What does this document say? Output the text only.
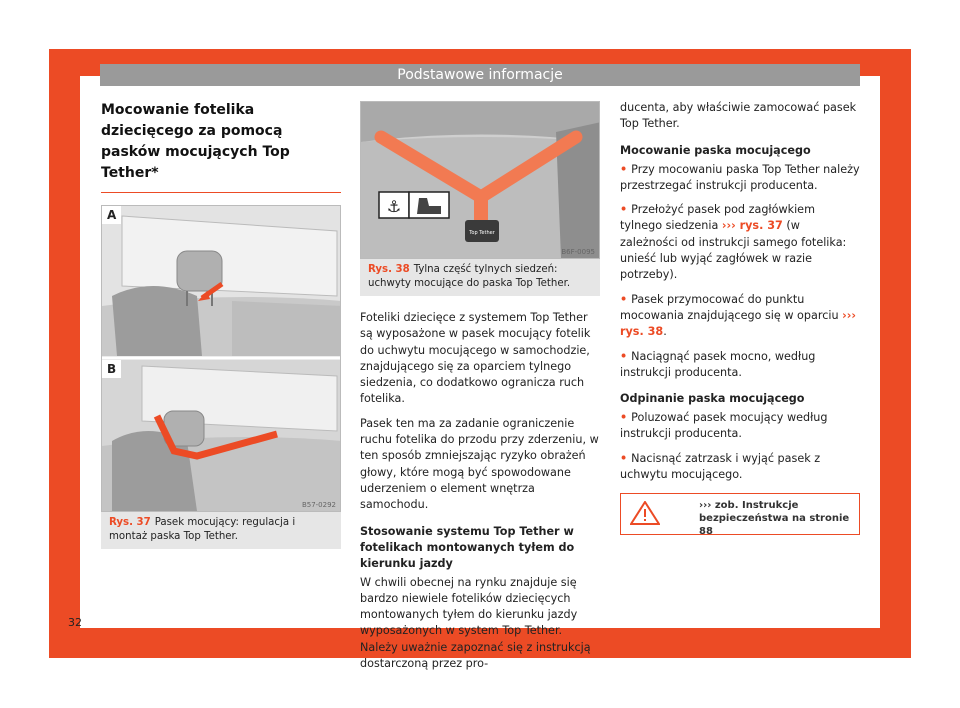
Podstawowe informacje
Mocowanie fotelika dziecięcego za pomocą pasków mocujących Top Tether*
A
B
B57-0292
Rys. 37 Pasek mocujący: regulacja i montaż paska Top Tether.
⚓
Top Tether
B6F-0095
Rys. 38 Tylna część tylnych siedzeń: uchwyty mocujące do paska Top Tether.

Foteliki dziecięce z systemem Top Tether są wyposażone w pasek mocujący fotelik do uchwytu mocującego w samochodzie, znajdującego się za oparciem tylnego siedzenia, co dodatkowo ogranicza ruch fotelika.

Pasek ten ma za zadanie ograniczenie ruchu fotelika do przodu przy zderzeniu, w ten sposób zmniejszając ryzyko obrażeń głowy, które mogą być spowodowane uderzeniem o element wnętrza samochodu.

Stosowanie systemu Top Tether w fotelikach montowanych tyłem do kierunku jazdy

W chwili obecnej na rynku znajduje się bardzo niewiele fotelików dziecięcych montowanych tyłem do kierunku jazdy wyposażonych w system Top Tether. Należy uważnie zapoznać się z instrukcją dostarczoną przez pro-

ducenta, aby właściwie zamocować pasek Top Tether.

Mocowanie paska mocującego

• Przy mocowaniu paska Top Tether należy przestrzegać instrukcji producenta.

• Przełożyć pasek pod zagłówkiem tylnego siedzenia ››› rys. 37 (w zależności od instrukcji samego fotelika: unieść lub wyjąć zagłówek w razie potrzeby).

• Pasek przymocować do punktu mocowania znajdującego się w oparciu ››› rys. 38.

• Naciągnąć pasek mocno, według instrukcji producenta.

Odpinanie paska mocującego

• Poluzować pasek mocujący według instrukcji producenta.

• Nacisnąć zatrzask i wyjąć pasek z uchwytu mocującego.

››› zob. Instrukcje bezpieczeństwa na stronie 88
32
